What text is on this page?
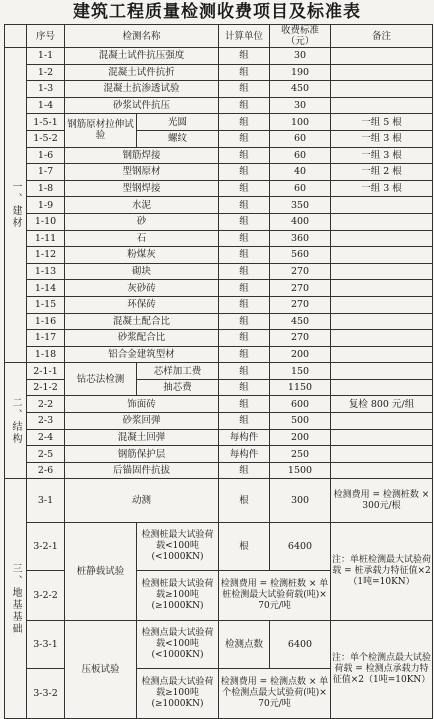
建筑工程质量检测收费项目及标准表
	序号	检测名称		计算单位	收费标准（元）	备注
一、建材	1-1	混凝土试件抗压强度		组	30	
	1-2	混凝土试件抗折		组	190	
	1-3	混凝土抗渗透试验		组	450	
	1-4	砂浆试件抗压		组	30	
	1-5-1	钢筋原材拉伸试验	光圆	组	100	一组 5 根
	1-5-2		螺纹	组	60	一组 3 根
	1-6	钢筋焊接		组	60	一组 3 根
	1-7	型钢原材		组	40	一组 2 根
	1-8	型钢焊接		组	60	一组 3 根
	1-9	水泥		组	350	
	1-10	砂		组	400	
	1-11	石		组	360	
	1-12	粉煤灰		组	560	
	1-13	砌块		组	270	
	1-14	灰砂砖		组	270	
	1-15	环保砖		组	270	
	1-16	混凝土配合比		组	450	
	1-17	砂浆配合比		组	270	
	1-18	铝合金建筑型材		组	200	
二、结构	2-1-1	钻芯法检测	芯样加工费	组	150	
	2-1-2		抽芯费	组	1150	
	2-2	饰面砖		组	600	复检 800 元/组
	2-3	砂浆回弹		组	500	
	2-4	混凝土回弹		每构件	200	
	2-5	钢筋保护层		每构件	250	
	2-6	后锚固件抗拔		组	1500	
三、地基基础	3-1	动测		根	300	检测费用 = 检测桩数 × 300元/根
	3-2-1	桩静载试验	检测桩最大试验荷载<100吨(<1000KN)	根	6400	注：单桩检测最大试验荷载 = 桩承载力特征值×2（1吨=10KN）
	3-2-2		检测桩最大试验荷载≥100吨(≥1000KN)	检测费用 = 检测桩数 × 单桩检测最大试验荷载(吨)× 70元/吨		
	3-3-1	压板试验	检测点最大试验荷载<100吨(<1000KN)	检测点数	6400	注：单个检测点最大试验荷载 = 检测点承载力特征值×2（1吨=10KN）
	3-3-2		检测点最大试验荷载≥100吨(≥1000KN)	检测费用 = 检测点数 × 单个检测点最大试验荷(吨)× 70元/吨		
